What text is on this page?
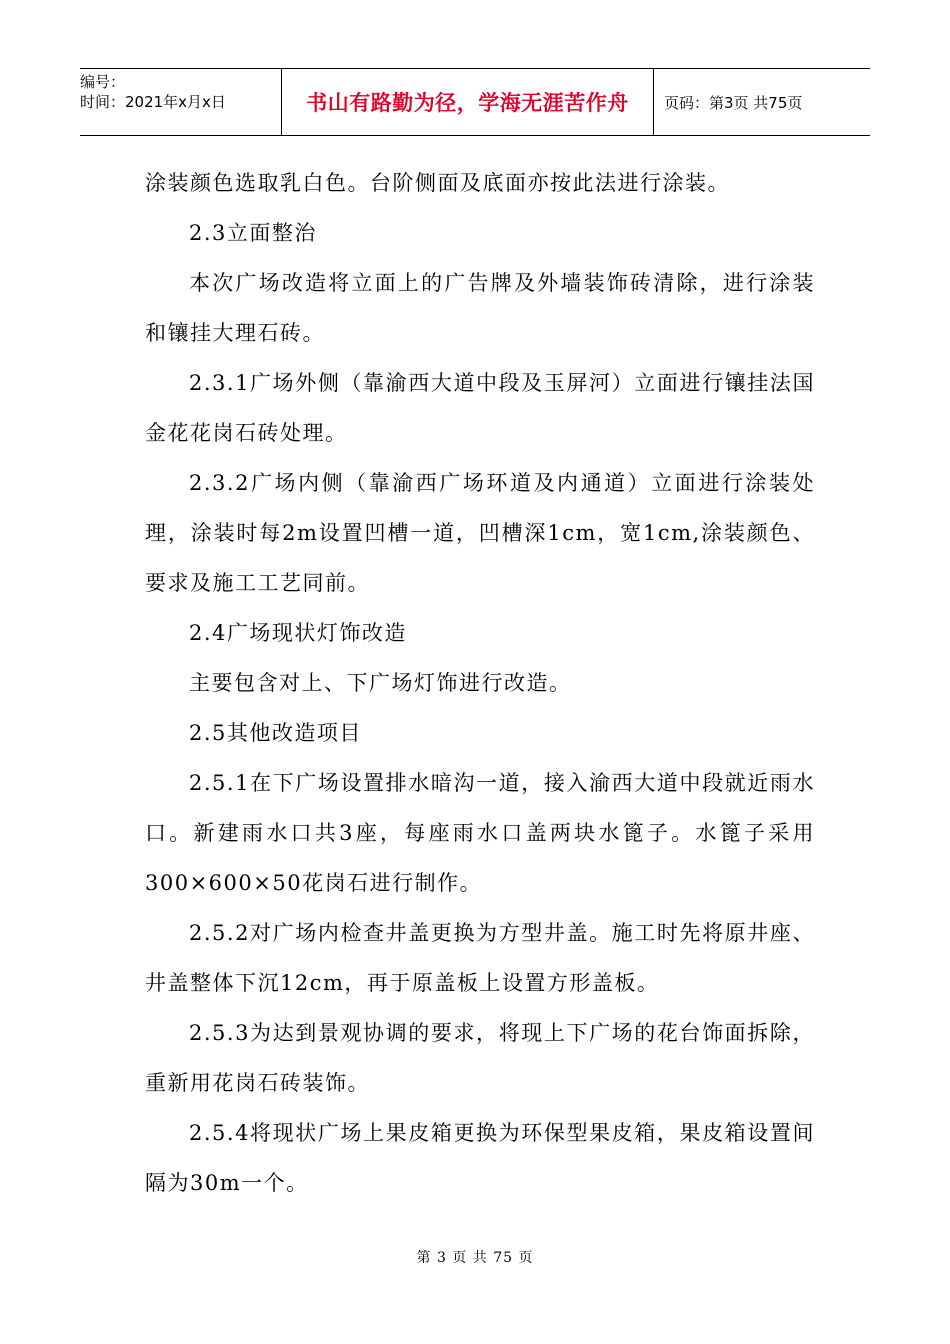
编号：
时间：2021年x月x日	书山有路勤为径，学海无涯苦作舟 页码：第3页 共75页

涂装颜色选取乳白色。台阶侧面及底面亦按此法进行涂装。

2.3立面整治

本次广场改造将立面上的广告牌及外墙装饰砖清除，进行涂装和镶挂大理石砖。

2.3.1广场外侧（靠渝西大道中段及玉屏河）立面进行镶挂法国金花花岗石砖处理。

2.3.2广场内侧（靠渝西广场环道及内通道）立面进行涂装处理，涂装时每2m设置凹槽一道，凹槽深1cm，宽1cm,涂装颜色、要求及施工工艺同前。

2.4广场现状灯饰改造

主要包含对上、下广场灯饰进行改造。

2.5其他改造项目

2.5.1在下广场设置排水暗沟一道，接入渝西大道中段就近雨水口。新建雨水口共3座，每座雨水口盖两块水篦子。水篦子采用300×600×50花岗石进行制作。

2.5.2对广场内检查井盖更换为方型井盖。施工时先将原井座、井盖整体下沉12cm，再于原盖板上设置方形盖板。

2.5.3为达到景观协调的要求，将现上下广场的花台饰面拆除，重新用花岗石砖装饰。

2.5.4将现状广场上果皮箱更换为环保型果皮箱，果皮箱设置间隔为30m一个。

第 3 页 共 75 页
